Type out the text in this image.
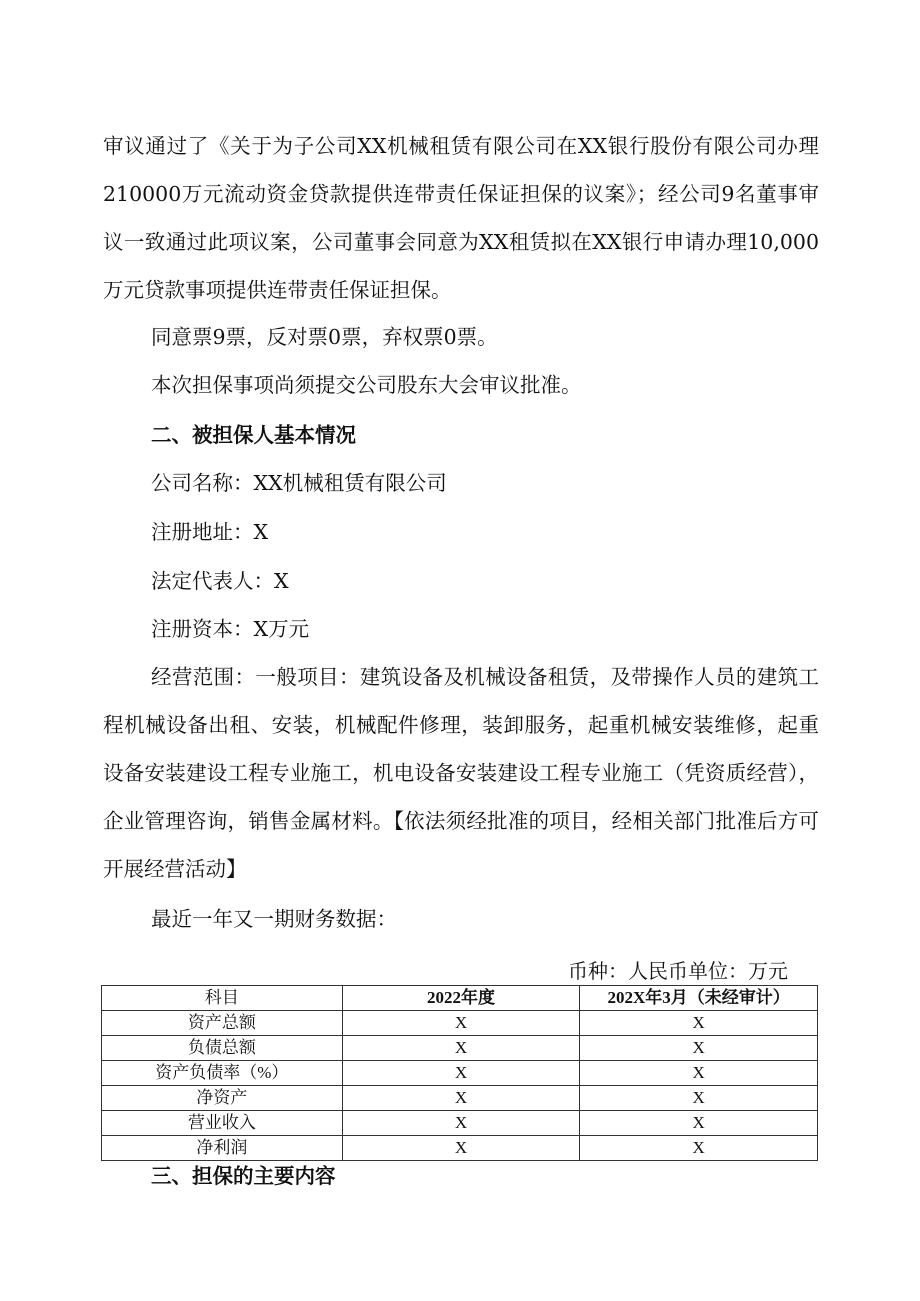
审议通过了《关于为子公司XX机械租赁有限公司在XX银行股份有限公司办理210000万元流动资金贷款提供连带责任保证担保的议案》；经公司9名董事审议一致通过此项议案，公司董事会同意为XX租赁拟在XX银行申请办理10,000万元贷款事项提供连带责任保证担保。

同意票9票，反对票0票，弃权票0票。

本次担保事项尚须提交公司股东大会审议批准。

二、被担保人基本情况

公司名称：XX机械租赁有限公司

注册地址：X

法定代表人：X

注册资本：X万元

经营范围：一般项目：建筑设备及机械设备租赁，及带操作人员的建筑工程机械设备出租、安装，机械配件修理，装卸服务，起重机械安装维修，起重设备安装建设工程专业施工，机电设备安装建设工程专业施工（凭资质经营），企业管理咨询，销售金属材料。【依法须经批准的项目，经相关部门批准后方可开展经营活动】

最近一年又一期财务数据：

币种：人民币单位：万元
科目	2022年度	202X年3月（未经审计）
资产总额	X	X
负债总额	X	X
资产负债率（%）	X	X
净资产	X	X
营业收入	X	X
净利润	X	X

三、担保的主要内容
